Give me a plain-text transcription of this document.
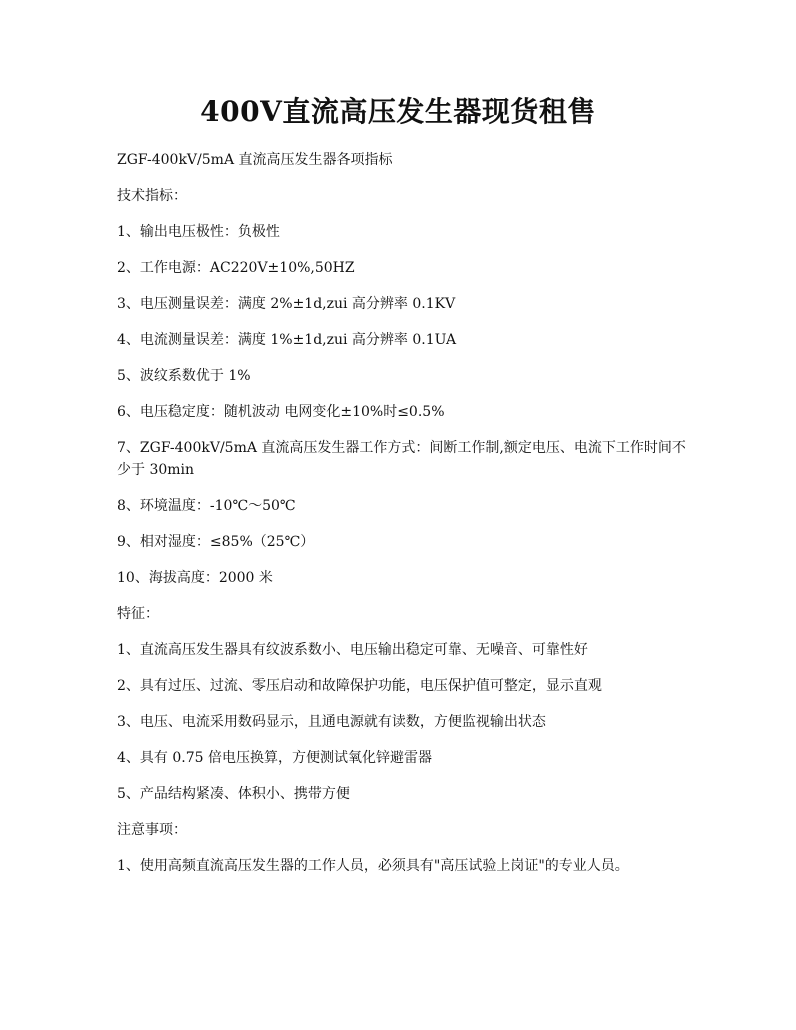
400V直流高压发生器现货租售

ZGF-400kV/5mA 直流高压发生器各项指标

技术指标：

1、输出电压极性：负极性

2、工作电源：AC220V±10%,50HZ

3、电压测量误差：满度 2%±1d,zui 高分辨率 0.1KV

4、电流测量误差：满度 1%±1d,zui 高分辨率 0.1UA

5、波纹系数优于 1%

6、电压稳定度：随机波动 电网变化±10%时≤0.5%

7、ZGF-400kV/5mA 直流高压发生器工作方式：间断工作制,额定电压、电流下工作时间不少于 30min

8、环境温度：-10℃～50℃

9、相对湿度：≤85%（25℃）

10、海拔高度：2000 米

特征：

1、直流高压发生器具有纹波系数小、电压输出稳定可靠、无噪音、可靠性好

2、具有过压、过流、零压启动和故障保护功能，电压保护值可整定，显示直观

3、电压、电流采用数码显示，且通电源就有读数，方便监视输出状态

4、具有 0.75 倍电压换算，方便测试氧化锌避雷器

5、产品结构紧凑、体积小、携带方便

注意事项：

1、使用高频直流高压发生器的工作人员，必须具有"高压试验上岗证"的专业人员。
